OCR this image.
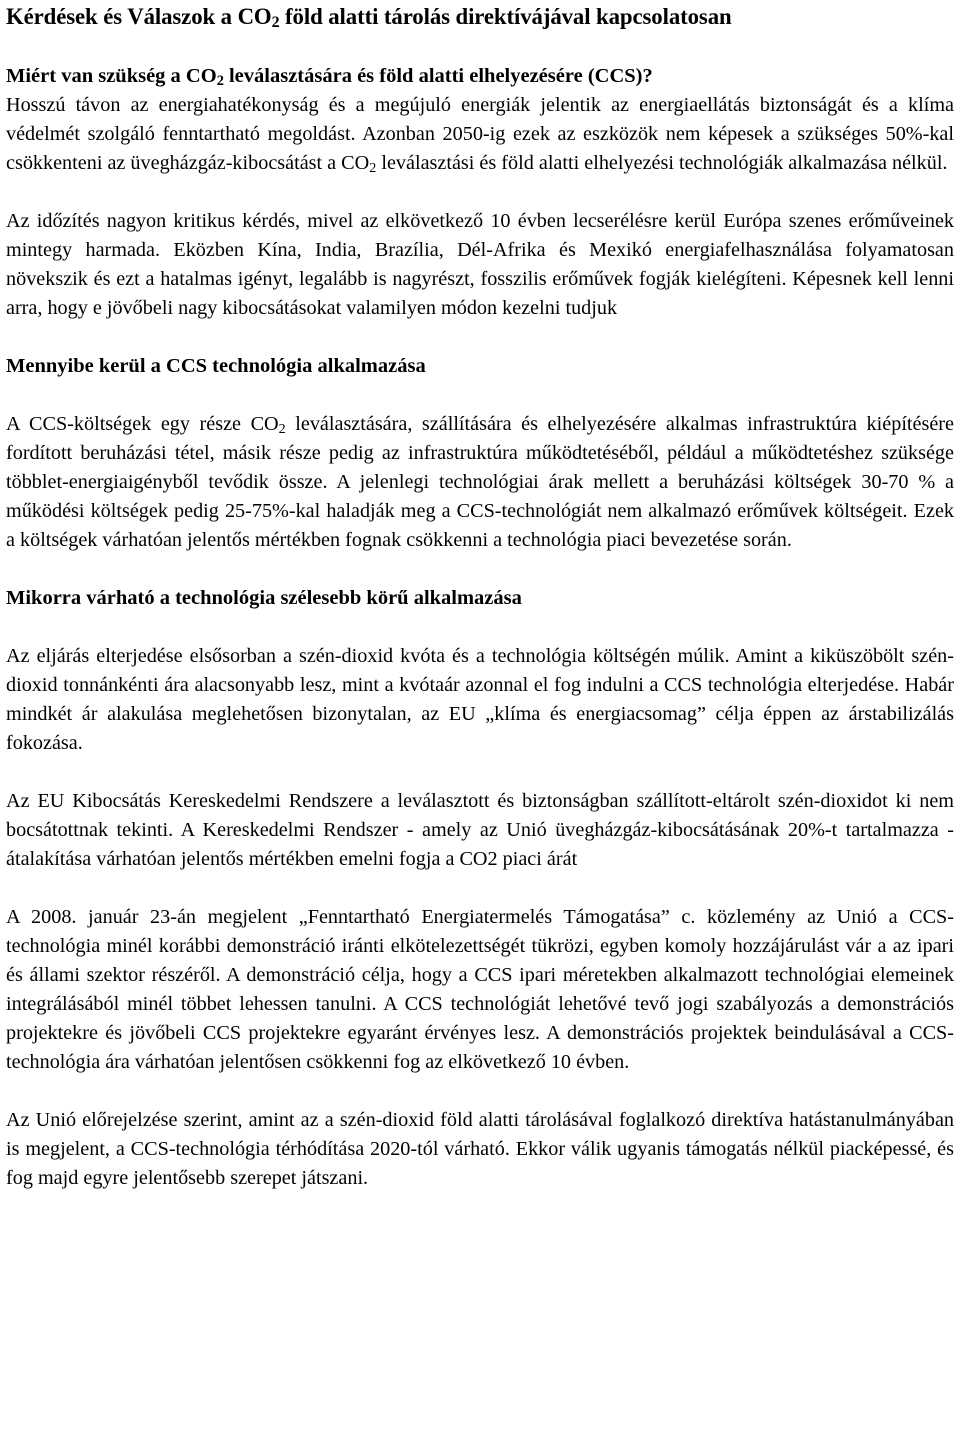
Kérdések és Válaszok a $CO_2$ föld alatti tárolás direktívájával kapcsolatosan
Miért van szükség a $CO_2$ leválasztására és föld alatti elhelyezésére (CCS)?

Hosszú távon az energiahatékonyság és a megújuló energiák jelentik az energiaellátás biztonságát és a klíma védelmét szolgáló fenntartható megoldást. Azonban 2050-ig ezek az eszközök nem képesek a szükséges 50%-kal csökkenteni az üvegházgáz-kibocsátást a $CO_2$ leválasztási és föld alatti elhelyezési technológiák alkalmazása nélkül.

Az időzítés nagyon kritikus kérdés, mivel az elkövetkező 10 évben lecserélésre kerül Európa szenes erőműveinek mintegy harmada. Eközben Kína, India, Brazília, Dél-Afrika és Mexikó energiafelhasználása folyamatosan növekszik és ezt a hatalmas igényt, legalább is nagyrészt, fosszilis erőművek fogják kielégíteni. Képesnek kell lenni arra, hogy e jövőbeli nagy kibocsátásokat valamilyen módon kezelni tudjuk

Mennyibe kerül a CCS technológia alkalmazása

A CCS-költségek egy része $CO_2$ leválasztására, szállítására és elhelyezésére alkalmas infrastruktúra kiépítésére fordított beruházási tétel, másik része pedig az infrastruktúra működtetéséből, például a működtetéshez szüksége többlet-energiaigényből tevődik össze. A jelenlegi technológiai árak mellett a beruházási költségek 30-70 % a működési költségek pedig 25-75%-kal haladják meg a CCS-technológiát nem alkalmazó erőművek költségeit. Ezek a költségek várhatóan jelentős mértékben fognak csökkenni a technológia piaci bevezetése során.

Mikorra várható a technológia szélesebb körű alkalmazása

Az eljárás elterjedése elsősorban a szén-dioxid kvóta és a technológia költségén múlik. Amint a kiküszöbölt szén-dioxid tonnánkénti ára alacsonyabb lesz, mint a kvótaár azonnal el fog indulni a CCS technológia elterjedése. Habár mindkét ár alakulása meglehetősen bizonytalan, az EU „klíma és energiacsomag” célja éppen az árstabilizálás fokozása.

Az EU Kibocsátás Kereskedelmi Rendszere a leválasztott és biztonságban szállított-eltárolt szén-dioxidot ki nem bocsátottnak tekinti. A Kereskedelmi Rendszer - amely az Unió üvegházgáz-kibocsátásának 20%-t tartalmazza - átalakítása várhatóan jelentős mértékben emelni fogja a CO2 piaci árát

A 2008. január 23-án megjelent „Fenntartható Energiatermelés Támogatása” c. közlemény az Unió a CCS-technológia minél korábbi demonstráció iránti elkötelezettségét tükrözi, egyben komoly hozzájárulást vár a az ipari és állami szektor részéről. A demonstráció célja, hogy a CCS ipari méretekben alkalmazott technológiai elemeinek integrálásából minél többet lehessen tanulni. A CCS technológiát lehetővé tevő jogi szabályozás a demonstrációs projektekre és jövőbeli CCS projektekre egyaránt érvényes lesz. A demonstrációs projektek beindulásával a CCS-technológia ára várhatóan jelentősen csökkenni fog az elkövetkező 10 évben.

Az Unió előrejelzése szerint, amint az a szén-dioxid föld alatti tárolásával foglalkozó direktíva hatástanulmányában is megjelent, a CCS-technológia térhódítása 2020-tól várható. Ekkor válik ugyanis támogatás nélkül piacképessé, és fog majd egyre jelentősebb szerepet játszani.
